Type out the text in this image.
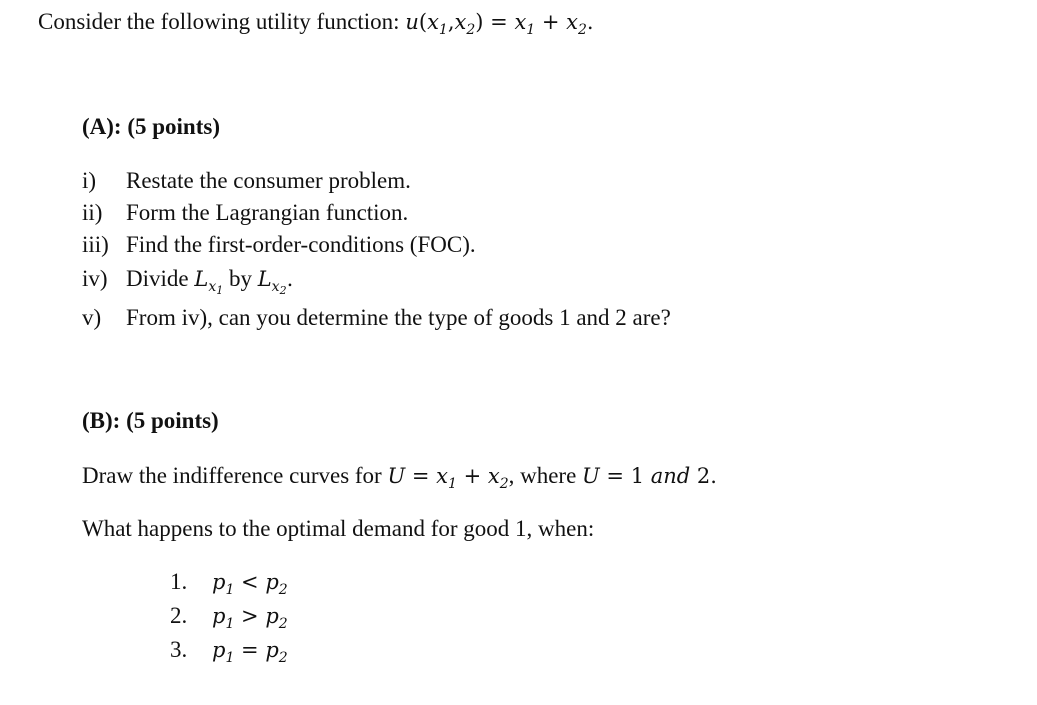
Consider the following utility function: $u(x_1,x_2) = x_1 + x_2$.
(A): (5 points)
i) Restate the consumer problem.
ii) Form the Lagrangian function.
iii) Find the first-order-conditions (FOC).
iv) Divide $L_{x_1}$ by $L_{x_2}$.
v) From iv), can you determine the type of goods 1 and 2 are?
(B): (5 points)
Draw the indifference curves for $U = x_1 + x_2$, where U = 1 and 2.
What happens to the optimal demand for good 1, when:
1. $p_1 < p_2$
2. $p_1 > p_2$
3. $p_1 = p_2$
